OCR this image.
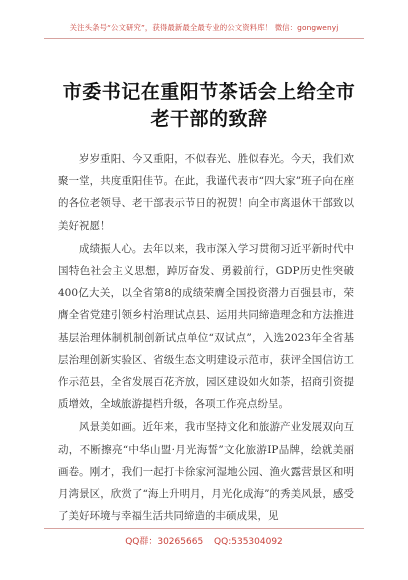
关注头条号“公文研究”，获得最新最全最专业的公文资料库！ 微信：gongwenyj
市委书记在重阳节茶话会上给全市
老干部的致辞

岁岁重阳、今又重阳，不似春光、胜似春光。今天，我们欢聚一堂，共度重阳佳节。在此，我谨代表市“四大家”班子向在座的各位老领导、老干部表示节日的祝贺！向全市离退休干部致以美好祝愿！

成绩振人心。去年以来，我市深入学习贯彻习近平新时代中国特色社会主义思想，踔厉奋发、勇毅前行，GDP历史性突破400亿大关，以全省第8的成绩荣膺全国投资潜力百强县市，荣膺全省党建引领乡村治理试点县、运用共同缔造理念和方法推进基层治理体制机制创新试点单位“双试点”，入选2023年全省基层治理创新实验区、省级生态文明建设示范市，获评全国信访工作示范县，全省发展百花齐放，园区建设如火如荼，招商引资提质增效，全域旅游提档升级，各项工作亮点纷呈。

风景美如画。近年来，我市坚持文化和旅游产业发展双向互动，不断擦亮“中华山盟·月光海誓”文化旅游IP品牌，绘就美丽画卷。刚才，我们一起打卡徐家河湿地公园、渔火露营景区和明月湾景区，欣赏了“海上升明月，月光化成海”的秀美风景，感受了美好环境与幸福生活共同缔造的丰硕成果，见

QQ群：30265665 QQ:535304092
